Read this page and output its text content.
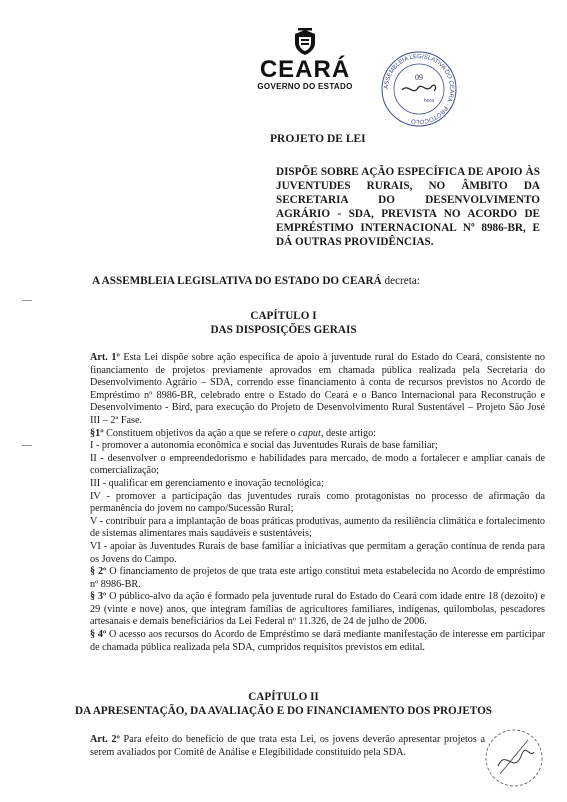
CEARÁ
GOVERNO DO ESTADO	ASSEMBLEIA LEGISLATIVA DO CEARÁ · PROTOCOLO ·
09
hora
PROJETO DE LEI
DISPÕE SOBRE AÇÃO ESPECÍFICA DE APOIO ÀS JUVENTUDES RURAIS, NO ÂMBITO DA SECRETARIA DO DESENVOLVIMENTO AGRÁRIO - SDA, PREVISTA NO ACORDO DE EMPRÉSTIMO INTERNACIONAL Nº 8986-BR, E DÁ OUTRAS PROVIDÊNCIAS.
A ASSEMBLEIA LEGISLATIVA DO ESTADO DO CEARÁ decreta:
CAPÍTULO I
DAS DISPOSIÇÕES GERAIS

Art. 1º Esta Lei dispõe sobre ação específica de apoio à juventude rural do Estado do Ceará, consistente no financiamento de projetos previamente aprovados em chamada pública realizada pela Secretaria do Desenvolvimento Agrário – SDA, correndo esse financiamento à conta de recursos previstos no Acordo de Empréstimo nº 8986-BR, celebrado entre o Estado do Ceará e o Banco Internacional para Reconstrução e Desenvolvimento - Bird, para execução do Projeto de Desenvolvimento Rural Sustentável – Projeto São José III – 2ª Fase.

§1º Constituem objetivos da ação a que se refere o caput, deste artigo:

I - promover a autonomia econômica e social das Juventudes Rurais de base familiar;

II - desenvolver o empreendedorismo e habilidades para mercado, de modo a fortalecer e ampliar canais de comercialização;

III - qualificar em gerenciamento e inovação tecnológica;

IV - promover a participação das juventudes rurais como protagonistas no processo de afirmação da permanência do jovem no campo/Sucessão Rural;

V - contribuir para a implantação de boas práticas produtivas, aumento da resiliência climática e fortalecimento de sistemas alimentares mais saudáveis e sustentáveis;

VI - apoiar às Juventudes Rurais de base familiar a iniciativas que permitam a geração contínua de renda para os Jovens do Campo.

§ 2º O financiamento de projetos de que trata este artigo constitui meta estabelecida no Acordo de empréstimo nº 8986-BR.

§ 3º O público-alvo da ação é formado pela juventude rural do Estado do Ceará com idade entre 18 (dezoito) e 29 (vinte e nove) anos, que integram famílias de agricultores familiares, indígenas, quilombolas, pescadores artesanais e demais beneficiários da Lei Federal nº 11.326, de 24 de julho de 2006.

§ 4º O acesso aos recursos do Acordo de Empréstimo se dará mediante manifestação de interesse em participar de chamada pública realizada pela SDA, cumpridos requisitos previstos em edital.

CAPÍTULO II
DA APRESENTAÇÃO, DA AVALIAÇÃO E DO FINANCIAMENTO DOS PROJETOS

Art. 2º Para efeito do benefício de que trata esta Lei, os jovens deverão apresentar projetos a serem avaliados por Comitê de Análise e Elegibilidade constituído pela SDA.
